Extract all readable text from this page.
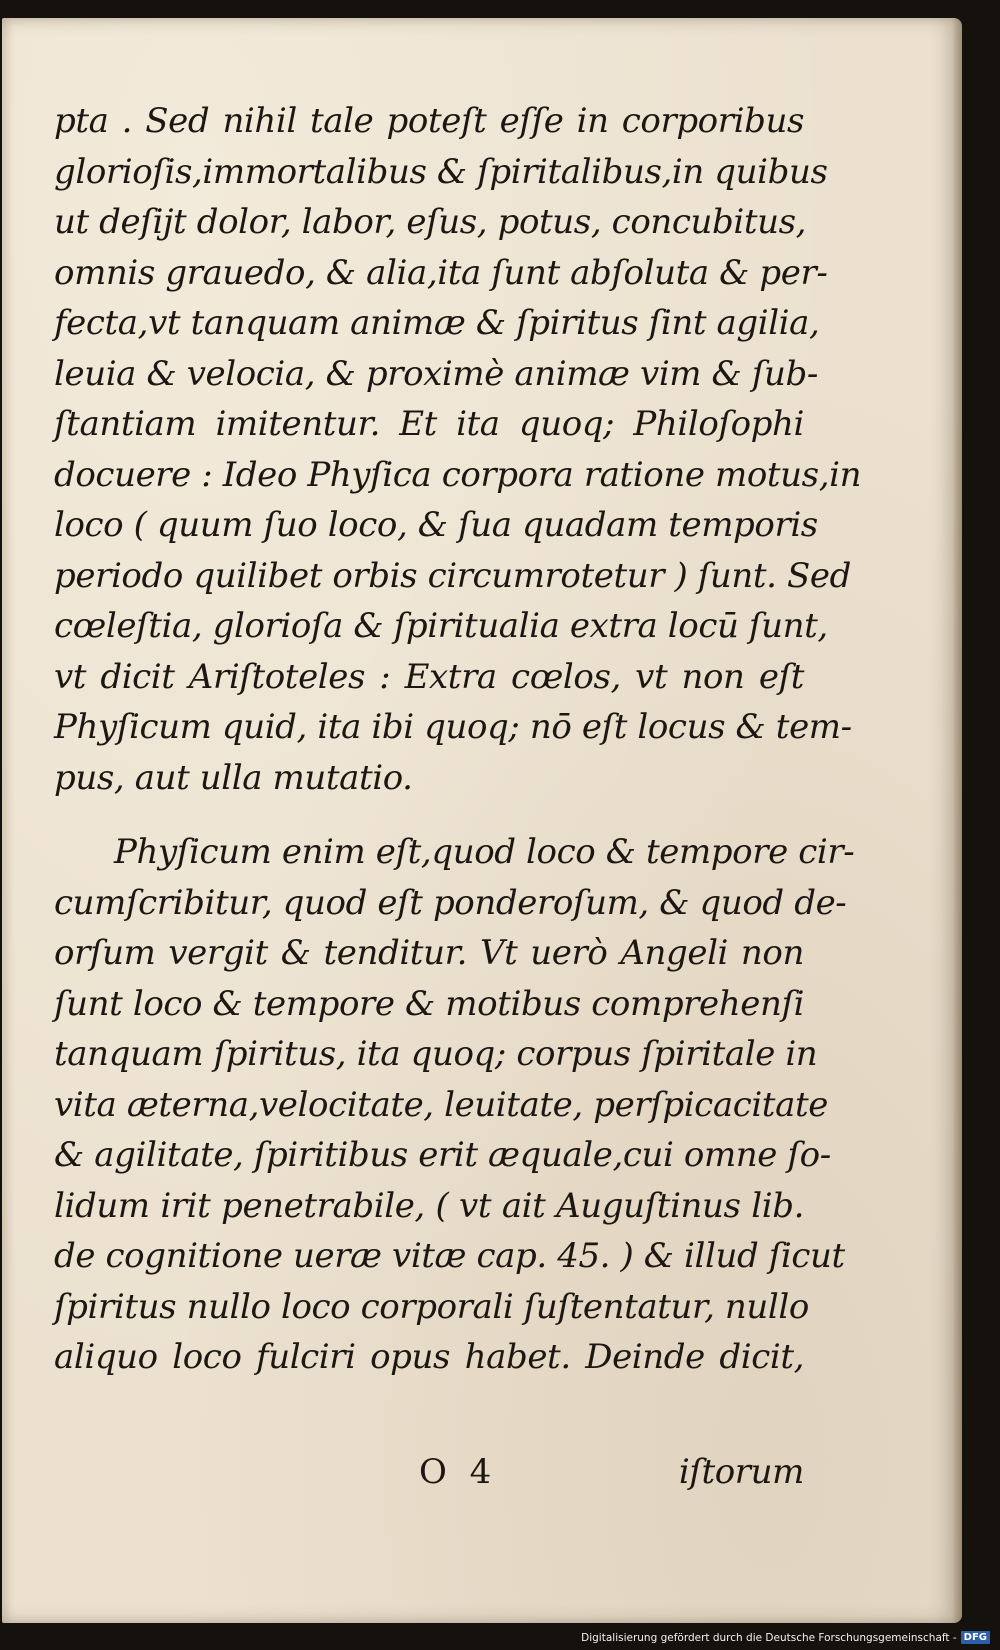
pta . Sed nihil tale poteſt eſſe in corporibus
glorioſis,immortalibus & ſpiritalibus,in quibus
ut deſijt dolor, labor, eſus, potus, concubitus,
omnis grauedo, & alia,ita ſunt abſoluta & per-
fecta,vt tanquam animæ & ſpiritus ſint agilia,
leuia & velocia, & proximè animæ vim & ſub-
ſtantiam imitentur. Et ita quoq; Philoſophi
docuere : Ideo Phyſica corpora ratione motus,in
loco ( quum ſuo loco, & ſua quadam temporis
periodo quilibet orbis circumrotetur ) ſunt. Sed
cœleſtia, glorioſa & ſpiritualia extra locū ſunt,
vt dicit Ariſtoteles : Extra cœlos, vt non eſt
Phyſicum quid, ita ibi quoq; nō eſt locus & tem-
pus, aut ulla mutatio.
Phyſicum enim eſt,quod loco & tempore cir-
cumſcribitur, quod eſt ponderoſum, & quod de-
orſum vergit & tenditur. Vt uerò Angeli non
ſunt loco & tempore & motibus comprehenſi
tanquam ſpiritus, ita quoq; corpus ſpiritale in
vita æterna,velocitate, leuitate, perſpicacitate
& agilitate, ſpiritibus erit æquale,cui omne ſo-
lidum irit penetrabile, ( vt ait Auguſtinus lib.
de cognitione ueræ vitæ cap. 45. ) & illud ſicut
ſpiritus nullo loco corporali ſuſtentatur, nullo
aliquo loco fulciri opus habet. Deinde dicit,
O 4	iſtorum
Digitalisierung gefördert durch die Deutsche Forschungsgemeinschaft - DFG
